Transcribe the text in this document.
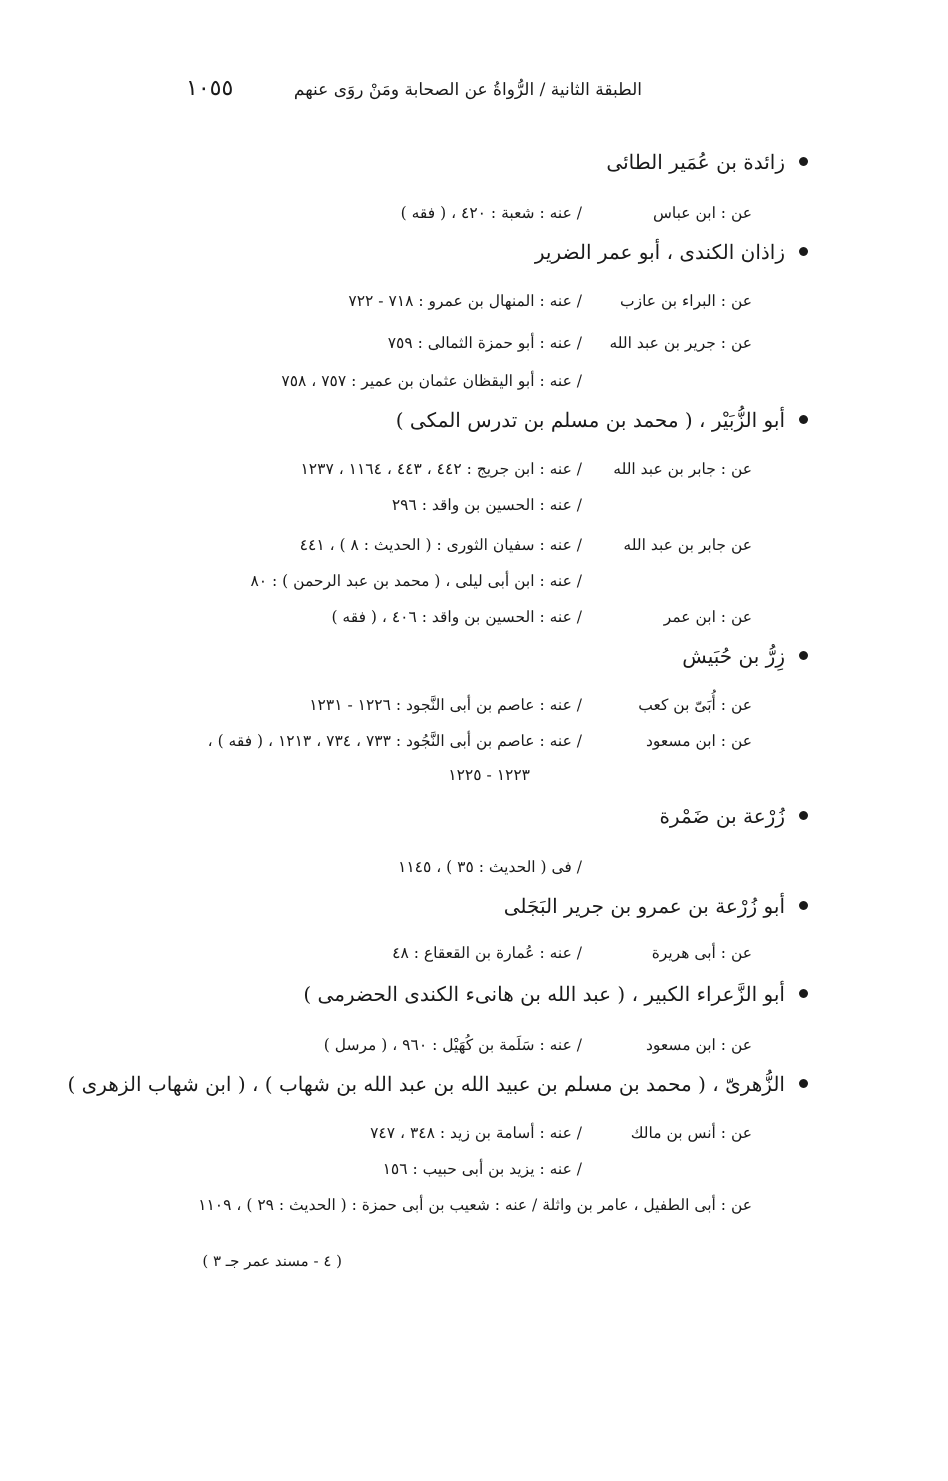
الطبقة الثانية / الرُّواةُ عن الصحابة ومَنْ روَى عنهم
١٠٥٥
زائدة بن عُمَير الطائى
عن : ابن عباس
/ عنه : شعبة : ٤٢٠ ، ( فقه )
زاذان الكندى ، أبو عمر الضرير
عن : البراء بن عازب
/ عنه : المنهال بن عمرو : ٧١٨ - ٧٢٢
عن : جرير بن عبد الله
/ عنه : أبو حمزة الثمالى : ٧٥٩
/ عنه : أبو اليقظان عثمان بن عمير : ٧٥٧ ، ٧٥٨
أبو الزُّبَيْر ، ( محمد بن مسلم بن تدرس المكى )
عن : جابر بن عبد الله
/ عنه : ابن جريج : ٤٤٢ ، ٤٤٣ ، ١١٦٤ ، ١٢٣٧
/ عنه : الحسين بن واقد : ٢٩٦
عن جابر بن عبد الله
/ عنه : سفيان الثورى : ( الحديث : ٨ ) ، ٤٤١
/ عنه : ابن أبى ليلى ، ( محمد بن عبد الرحمن ) : ٨٠
عن : ابن عمر
/ عنه : الحسين بن واقد : ٤٠٦ ، ( فقه )
زِرُّ بن حُبَيش
عن : أُبَىّ بن كعب
/ عنه : عاصم بن أبى النَّجود : ١٢٢٦ - ١٢٣١
عن : ابن مسعود
/ عنه : عاصم بن أبى النَّجُود : ٧٣٣ ، ٧٣٤ ، ١٢١٣ ، ( فقه ) ،
١٢٢٣ - ١٢٢٥
زُرْعة بن ضَمْرة
/ فى ( الحديث : ٣٥ ) ، ١١٤٥
أبو زُرْعة بن عمرو بن جرير البَجَلى
عن : أبى هريرة
/ عنه : عُمارة بن القعقاع : ٤٨
أبو الزَّعراء الكبير ، ( عبد الله بن هانىء الكندى الحضرمى )
عن : ابن مسعود
/ عنه : سَلَمة بن كُهَيْل : ٩٦٠ ، ( مرسل )
الزُّهرىّ ، ( محمد بن مسلم بن عبيد الله بن عبد الله بن شهاب ) ، ( ابن شهاب الزهرى )
عن : أنس بن مالك
/ عنه : أسامة بن زيد : ٣٤٨ ، ٧٤٧
/ عنه : يزيد بن أبى حبيب : ١٥٦
عن : أبى الطفيل ، عامر بن واثلة / عنه : شعيب بن أبى حمزة : ( الحديث : ٢٩ ) ، ١١٠٩
( ٤ - مسند عمر جـ ٣ )
